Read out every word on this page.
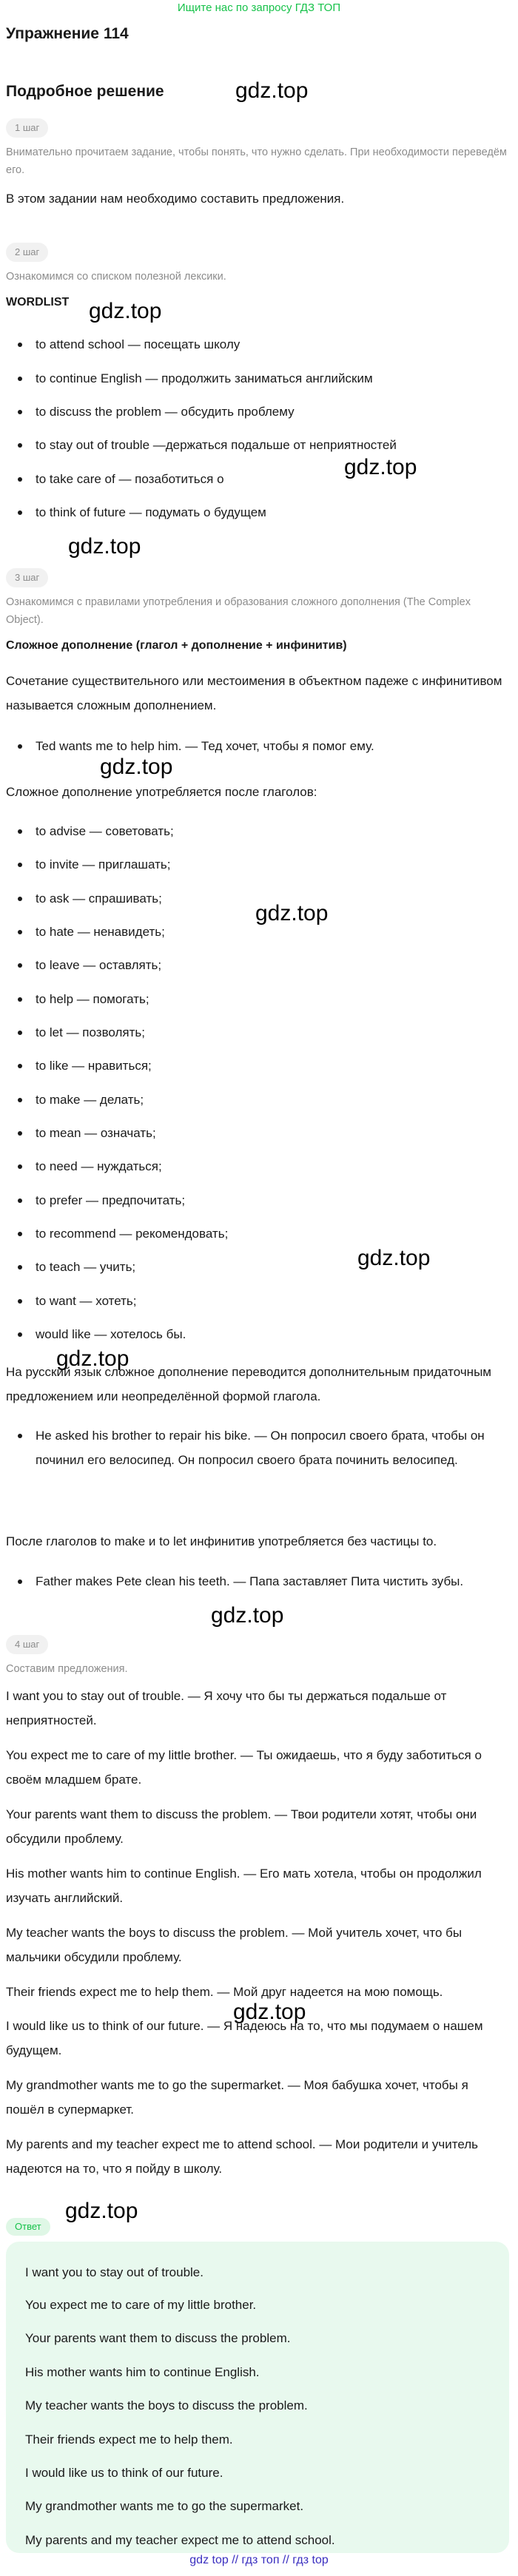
Ищите нас по запросу ГДЗ ТОП
Упражнение 114
Подробное решение	gdz.top
gdz.top
gdz.top
gdz.top
gdz.top
gdz.top
gdz.top
gdz.top
gdz.top
gdz.top
gdz.top
1 шаг
Внимательно прочитаем задание, чтобы понять, что нужно сделать. При необходимости переведём его.
В этом задании нам необходимо составить предложения.
2 шаг
Ознакомимся со списком полезной лексики.
WORDLIST
to attend school — посещать школу
to continue English — продолжить заниматься английским
to discuss the problem — обсудить проблему
to stay out of trouble —держаться подальше от неприятностей
to take care of — позаботиться о
to think of future — подумать о будущем
3 шаг
Ознакомимся с правилами употребления и образования сложного дополнения (The Complex Object).
Сложное дополнение (глагол + дополнение + инфинитив)
Сочетание существительного или местоимения в объектном падеже с инфинитивом называется сложным дополнением.
Ted wants me to help him. — Тед хочет, чтобы я помог ему.
Сложное дополнение употребляется после глаголов:
to advise — советовать;
to invite — приглашать;
to ask — спрашивать;
to hate — ненавидеть;
to leave — оставлять;
to help — помогать;
to let — позволять;
to like — нравиться;
to make — делать;
to mean — означать;
to need — нуждаться;
to prefer — предпочитать;
to recommend — рекомендовать;
to teach — учить;
to want — хотеть;
would like — хотелось бы.
На русский язык сложное дополнение переводится дополнительным придаточным предложением или неопределённой формой глагола.
He asked his brother to repair his bike. — Он попросил своего брата, чтобы он починил его велосипед. Он попросил своего брата починить велосипед.
После глаголов to make и to let инфинитив употребляется без частицы to.
Father makes Pete clean his teeth. — Папа заставляет Пита чистить зубы.
4 шаг
Составим предложения.
I want you to stay out of trouble. — Я хочу что бы ты держаться подальше от неприятностей.
You expect me to care of my little brother. — Ты ожидаешь, что я буду заботиться о своём младшем брате.
Your parents want them to discuss the problem. — Твои родители хотят, чтобы они обсудили проблему.
His mother wants him to continue English. — Его мать хотела, чтобы он продолжил изучать английский.
My teacher wants the boys to discuss the problem. — Мой учитель хочет, что бы мальчики обсудили проблему.
Their friends expect me to help them. — Мой друг надеется на мою помощь.
I would like us to think of our future. — Я надеюсь на то, что мы подумаем о нашем будущем.
My grandmother wants me to go the supermarket. — Моя бабушка хочет, чтобы я пошёл в супермаркет.
My parents and my teacher expect me to attend school. — Мои родители и учитель надеются на то, что я пойду в школу.
Ответ
I want you to stay out of trouble.
You expect me to care of my little brother.
Your parents want them to discuss the problem.
His mother wants him to continue English.
My teacher wants the boys to discuss the problem.
Their friends expect me to help them.
I would like us to think of our future.
My grandmother wants me to go the supermarket.
My parents and my teacher expect me to attend school.
gdz top // гдз топ // гдз top
